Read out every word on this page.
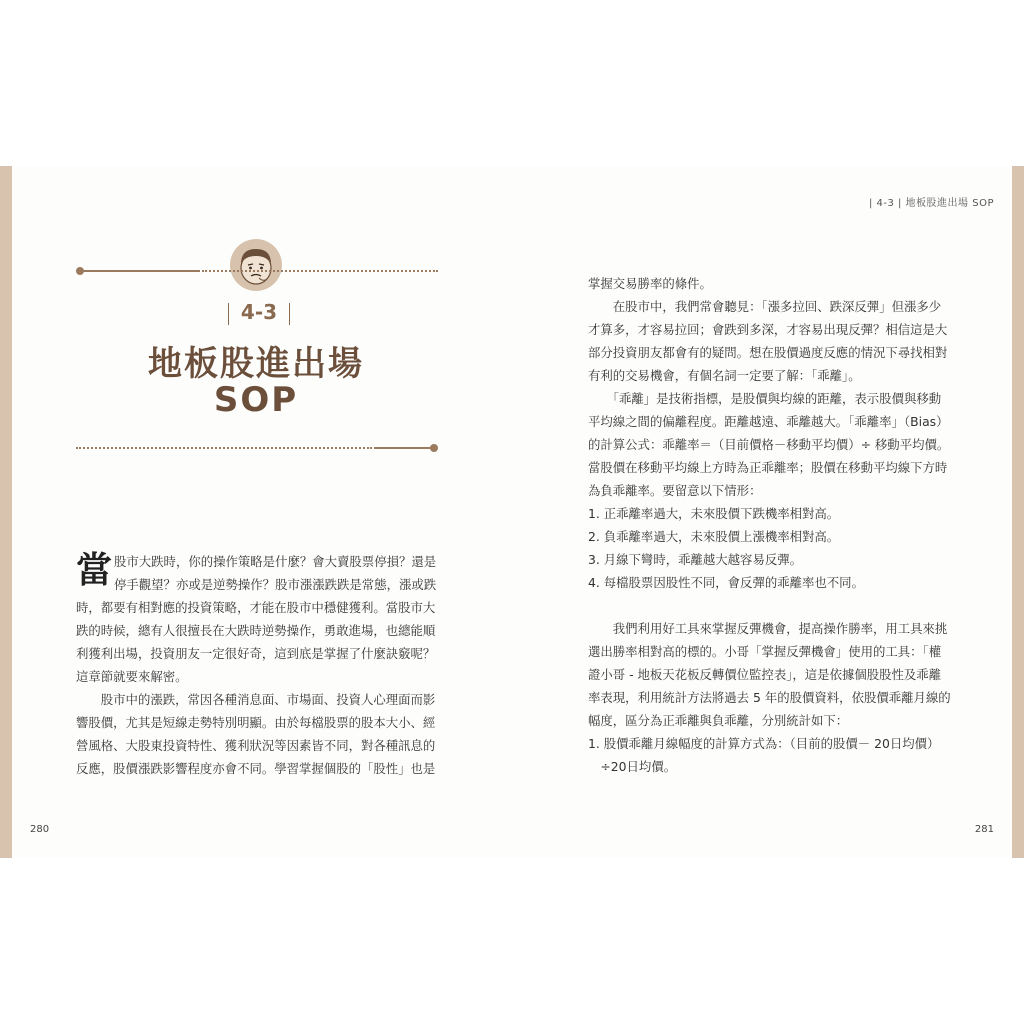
| 4-3 | 地板股進出場 SOP
4-3
地板股進出場
SOP
當 股市大跌時，你的操作策略是什麼？會大賣股票停損？還是

停手觀望？亦或是逆勢操作？股市漲漲跌跌是常態，漲或跌

時，都要有相對應的投資策略，才能在股市中穩健獲利。當股市大

跌的時候，總有人很擅長在大跌時逆勢操作，勇敢進場，也總能順

利獲利出場，投資朋友一定很好奇，這到底是掌握了什麼訣竅呢？

這章節就要來解密。

　　股市中的漲跌，常因各種消息面、市場面、投資人心理面而影

響股價，尤其是短線走勢特別明顯。由於每檔股票的股本大小、經

營風格、大股東投資特性、獲利狀況等因素皆不同，對各種訊息的

反應，股價漲跌影響程度亦會不同。學習掌握個股的「股性」也是

掌握交易勝率的條件。

　　在股市中，我們常會聽見：「漲多拉回、跌深反彈」但漲多少

才算多，才容易拉回；會跌到多深，才容易出現反彈？相信這是大

部分投資朋友都會有的疑問。想在股價過度反應的情況下尋找相對

有利的交易機會，有個名詞一定要了解：「乖離」。

　　「乖離」是技術指標，是股價與均線的距離，表示股價與移動

平均線之間的偏離程度。距離越遠、乖離越大。「乖離率」（Bias）

的計算公式：乖離率＝（目前價格－移動平均價）÷ 移動平均價。

當股價在移動平均線上方時為正乖離率；股價在移動平均線下方時

為負乖離率。要留意以下情形：

1. 正乖離率過大，未來股價下跌機率相對高。

2. 負乖離率過大，未來股價上漲機率相對高。

3. 月線下彎時，乖離越大越容易反彈。

4. 每檔股票因股性不同，會反彈的乖離率也不同。

　　我們利用好工具來掌握反彈機會，提高操作勝率，用工具來挑

選出勝率相對高的標的。小哥「掌握反彈機會」使用的工具：「權

證小哥 - 地板天花板反轉價位監控表」，這是依據個股股性及乖離

率表現，利用統計方法將過去 5 年的股價資料，依股價乖離月線的

幅度，區分為正乖離與負乖離，分別統計如下：

1. 股價乖離月線幅度的計算方式為：（目前的股價－ 20日均價）

　÷20日均價。

280	281
